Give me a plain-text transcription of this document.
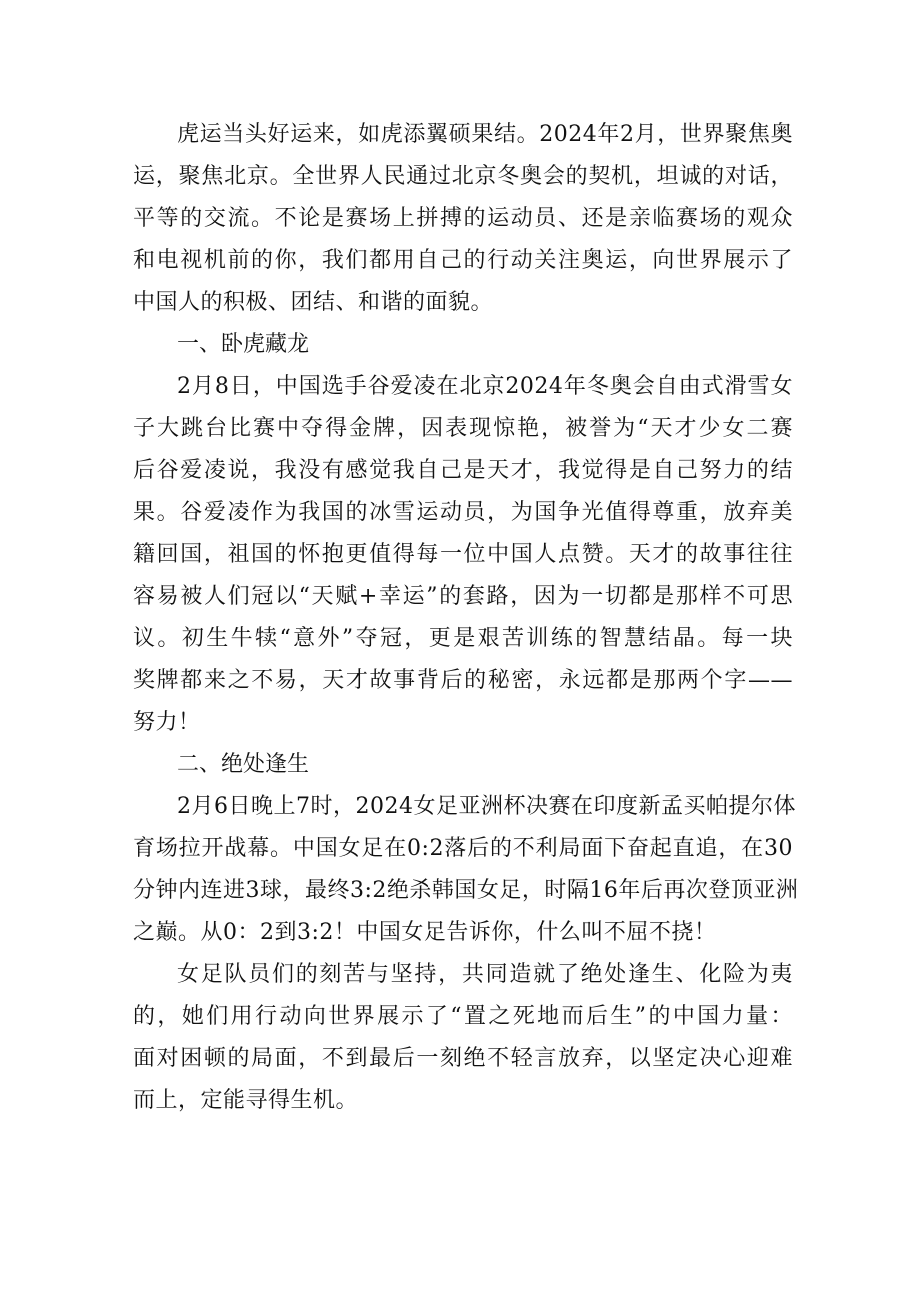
虎运当头好运来，如虎添翼硕果结。2024年2月，世界聚焦奥
运，聚焦北京。全世界人民通过北京冬奥会的契机，坦诚的对话，
平等的交流。不论是赛场上拼搏的运动员、还是亲临赛场的观众
和电视机前的你，我们都用自己的行动关注奥运，向世界展示了
中国人的积极、团结、和谐的面貌。
一、卧虎藏龙
2月8日，中国选手谷爱凌在北京2024年冬奥会自由式滑雪女
子大跳台比赛中夺得金牌，因表现惊艳，被誉为“天才少女二赛
后谷爱凌说，我没有感觉我自己是天才，我觉得是自己努力的结
果。谷爱凌作为我国的冰雪运动员，为国争光值得尊重，放弃美
籍回国，祖国的怀抱更值得每一位中国人点赞。天才的故事往往
容易被人们冠以“天赋+幸运”的套路，因为一切都是那样不可思
议。初生牛犊“意外”夺冠，更是艰苦训练的智慧结晶。每一块
奖牌都来之不易，天才故事背后的秘密，永远都是那两个字——
努力！
二、绝处逢生
2月6日晚上7时，2024女足亚洲杯决赛在印度新孟买帕提尔体
育场拉开战幕。中国女足在0:2落后的不利局面下奋起直追，在30
分钟内连进3球，最终3:2绝杀韩国女足，时隔16年后再次登顶亚洲
之巅。从0：2到3:2！中国女足告诉你，什么叫不屈不挠！
女足队员们的刻苦与坚持，共同造就了绝处逢生、化险为夷
的，她们用行动向世界展示了“置之死地而后生”的中国力量：
面对困顿的局面，不到最后一刻绝不轻言放弃，以坚定决心迎难
而上，定能寻得生机。
